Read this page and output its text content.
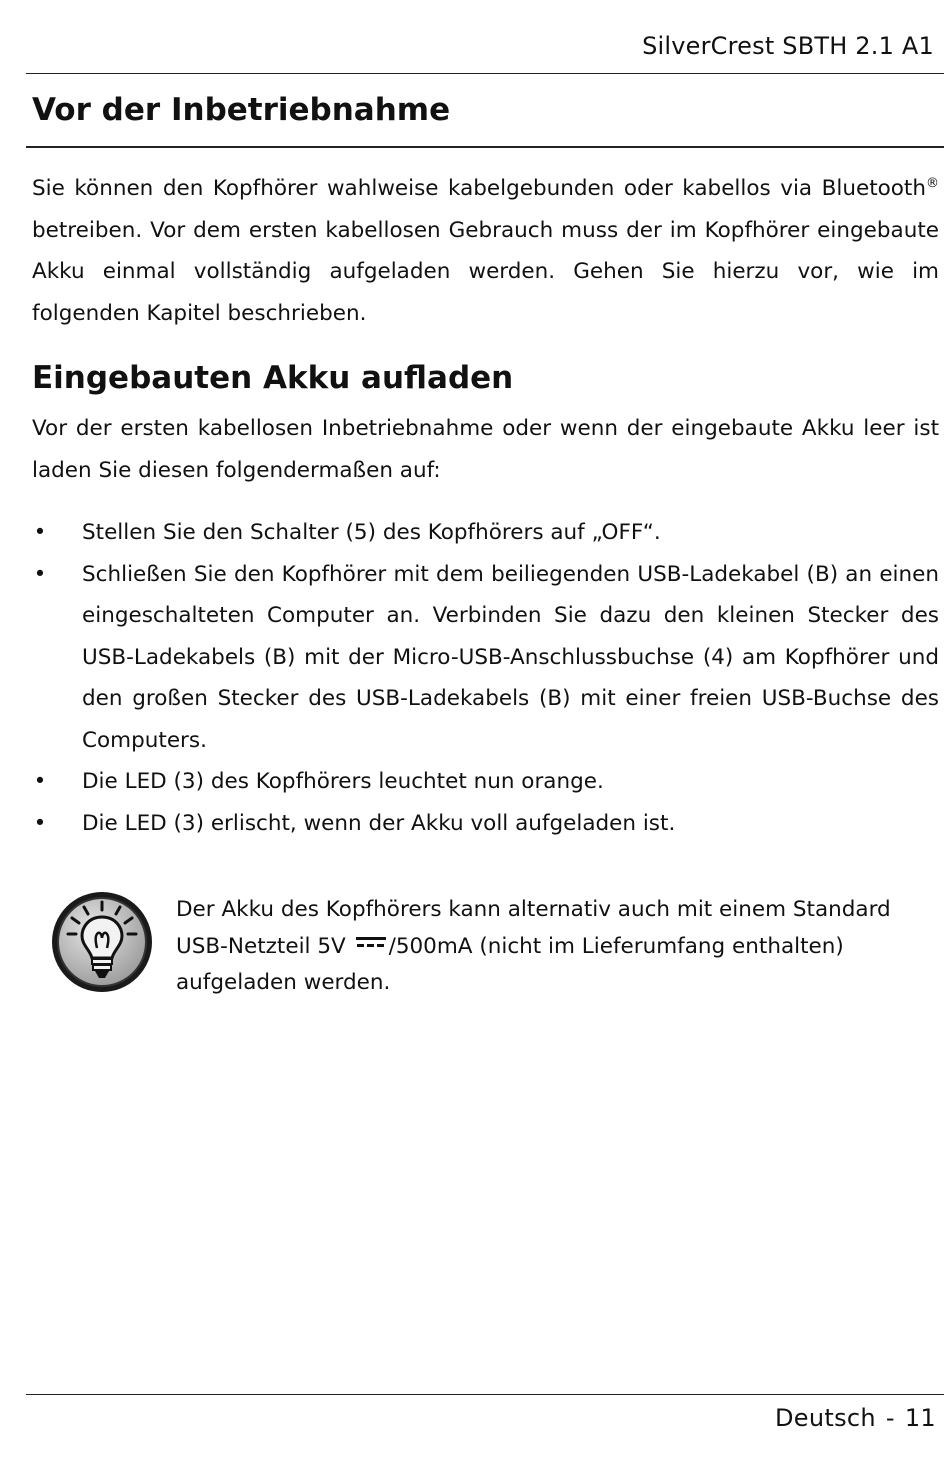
SilverCrest SBTH 2.1 A1
Vor der Inbetriebnahme

Sie können den Kopfhörer wahlweise kabelgebunden oder kabellos via Bluetooth® betreiben. Vor dem ersten kabellosen Gebrauch muss der im Kopfhörer eingebaute Akku einmal vollständig aufgeladen werden. Gehen Sie hierzu vor, wie im folgenden Kapitel beschrieben.

Eingebauten Akku aufladen

Vor der ersten kabellosen Inbetriebnahme oder wenn der eingebaute Akku leer ist laden Sie diesen folgendermaßen auf:

• Stellen Sie den Schalter (5) des Kopfhörers auf „OFF“.
• Schließen Sie den Kopfhörer mit dem beiliegenden USB-Ladekabel (B) an einen eingeschalteten Computer an. Verbinden Sie dazu den kleinen Stecker des USB-Ladekabels (B) mit der Micro-USB-Anschlussbuchse (4) am Kopfhörer und den großen Stecker des USB-Ladekabels (B) mit einer freien USB-Buchse des Computers.
• Die LED (3) des Kopfhörers leuchtet nun orange.
• Die LED (3) erlischt, wenn der Akku voll aufgeladen ist.

Der Akku des Kopfhörers kann alternativ auch mit einem Standard USB-Netzteil 5V /500mA (nicht im Lieferumfang enthalten) aufgeladen werden.

Deutsch - 11
